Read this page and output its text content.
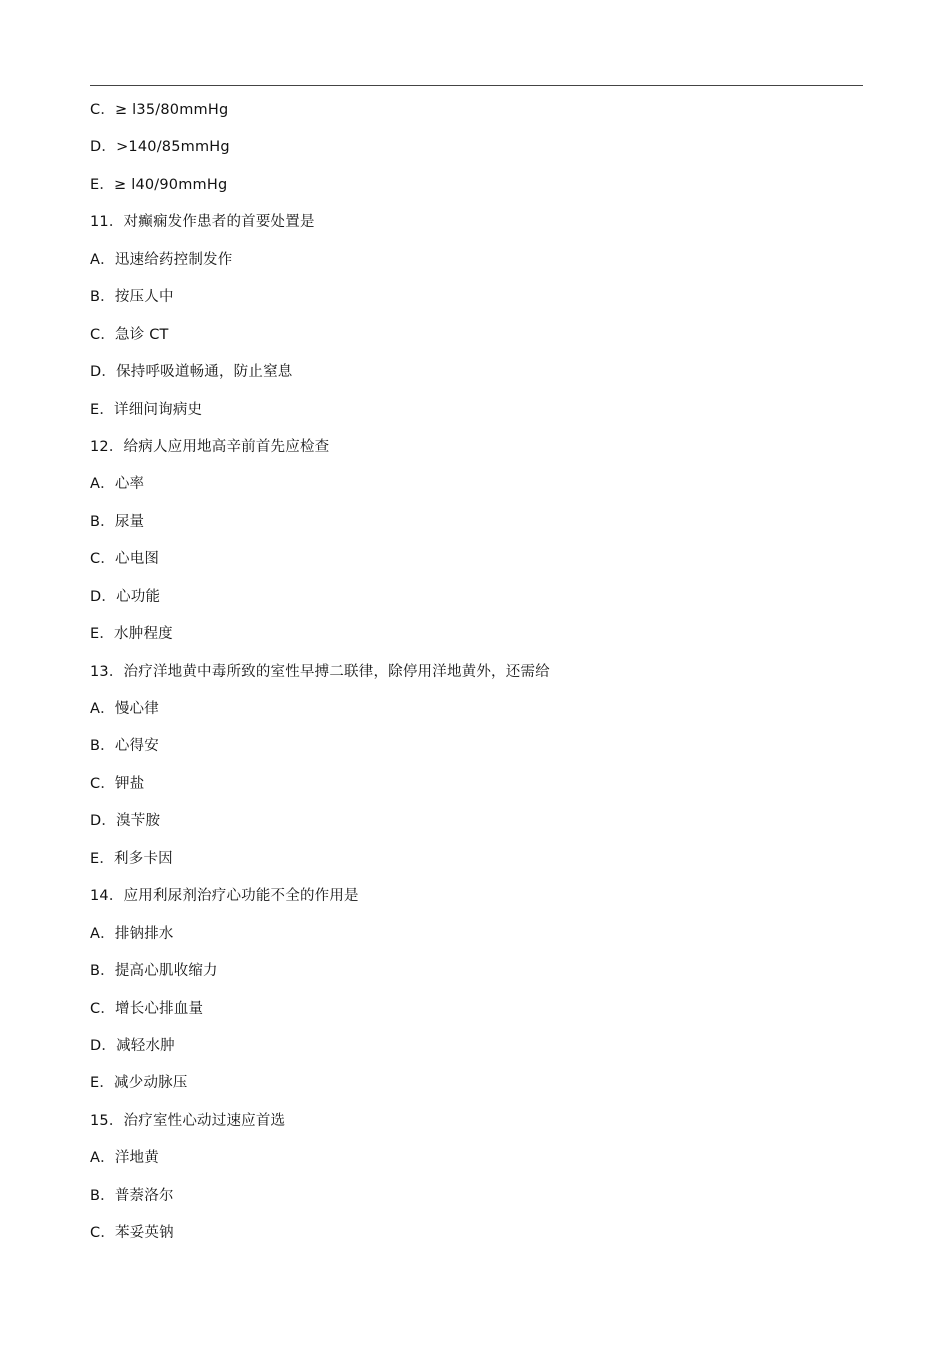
C．≥ l35/80mmHg
D．>140/85mmHg
E．≥ l40/90mmHg
11．对癫痫发作患者的首要处置是
A．迅速给药控制发作
B．按压人中
C．急诊 CT
D．保持呼吸道畅通，防止窒息
E．详细问询病史
12．给病人应用地高辛前首先应检查
A．心率
B．尿量
C．心电图
D．心功能
E．水肿程度
13．治疗洋地黄中毒所致的室性早搏二联律，除停用洋地黄外，还需给
A．慢心律
B．心得安
C．钾盐
D．溴苄胺
E．利多卡因
14．应用利尿剂治疗心功能不全的作用是
A．排钠排水
B．提高心肌收缩力
C．增长心排血量
D．减轻水肿
E．减少动脉压
15．治疗室性心动过速应首选
A．洋地黄
B．普萘洛尔
C．苯妥英钠
